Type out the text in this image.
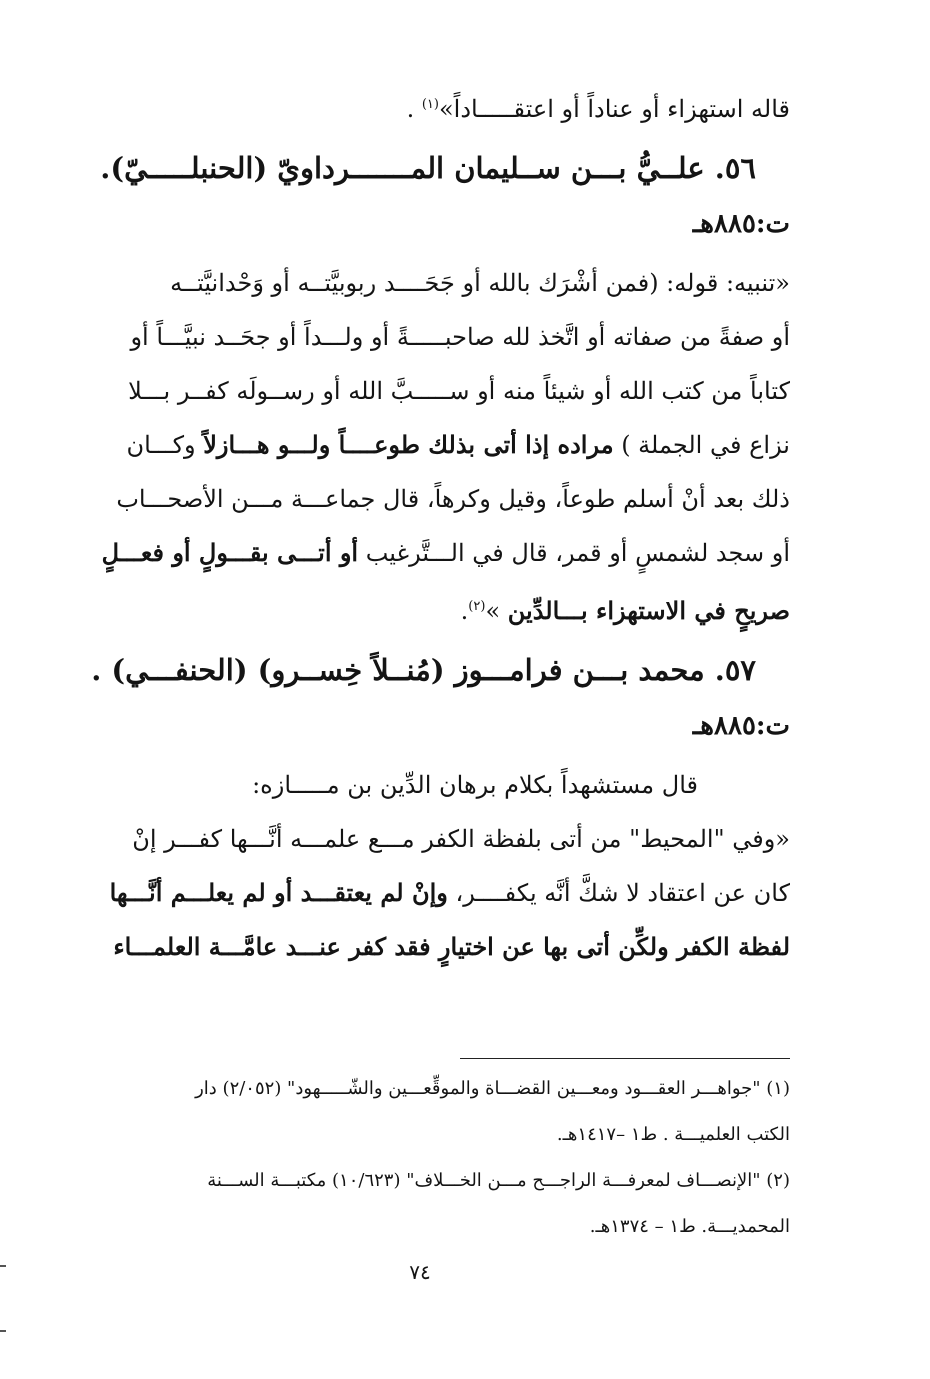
قاله استهزاء أو عناداً أو اعتقـــــاداً»$^{(١)}$ .
٥٦. علــيُّ بـــن ســليمان المـــــــرداويّ (الحنبلـــــيّ).
ت:٨٨٥هـ
«تنبيه: قوله: (فمن أشْرَك بالله أو جَحَــــد ربوبيَّتــه أو وَحْدانيَّتــه
أو صفةً من صفاته أو اتَّخذ لله صاحبـــــةً أو ولـــداً أو جحَــد نبيَّـــاً أو
كتاباً من كتب الله أو شيئاً منه أو ســـــبَّ الله أو رســولَه كفــر بـــلا
نزاع في الجملة ) مراده إذا أتى بذلك طوعــــاً ولـــو هـــازلاً وكـــان
ذلك بعد أنْ أسلم طوعاً، وقيل وكرهاً، قال جماعـــة مـــن الأصحـــاب
أو سجد لشمسٍ أو قمر، قال في الـــتَّرغيب أو أتـــى بقـــولٍ أو فعـــلٍ
صريحٍ في الاستهزاء بـــالدِّين »$^{(٢)}$.
٥٧. محمد بـــن فرامـــوز (مُنــلاً خِســرو) (الحنفـــي) .
ت:٨٨٥هـ
قال مستشهداً بكلام برهان الدِّين بن مـــــازه:
«وفي "المحيط" من أتى بلفظة الكفر مـــع علمـــه أنَّـــها كفـــر إنْ
كان عن اعتقاد لا شكَّ أنَّه يكفــــر، وإنْ لم يعتقـــد أو لم يعلـــم أنَّـــها
لفظة الكفر ولكِّن أتى بها عن اختيارٍ فقد كفر عنـــد عامَّـــة العلمـــاء
(١) "جواهـــر العقـــود ومعـــين القضـــاة والموقِّعـــين والشّـــــهود" (٢/٠٥٢) دار
الكتب العلميـــة . ط١ –١٤١٧هـ.
(٢) "الإنصـــاف لمعرفـــة الراجـــح مـــن الخـــلاف" (١٠/٦٢٣) مكتبـــة الســـنة
المحمديـــة. ط١ – ١٣٧٤هـ.
٧٤
